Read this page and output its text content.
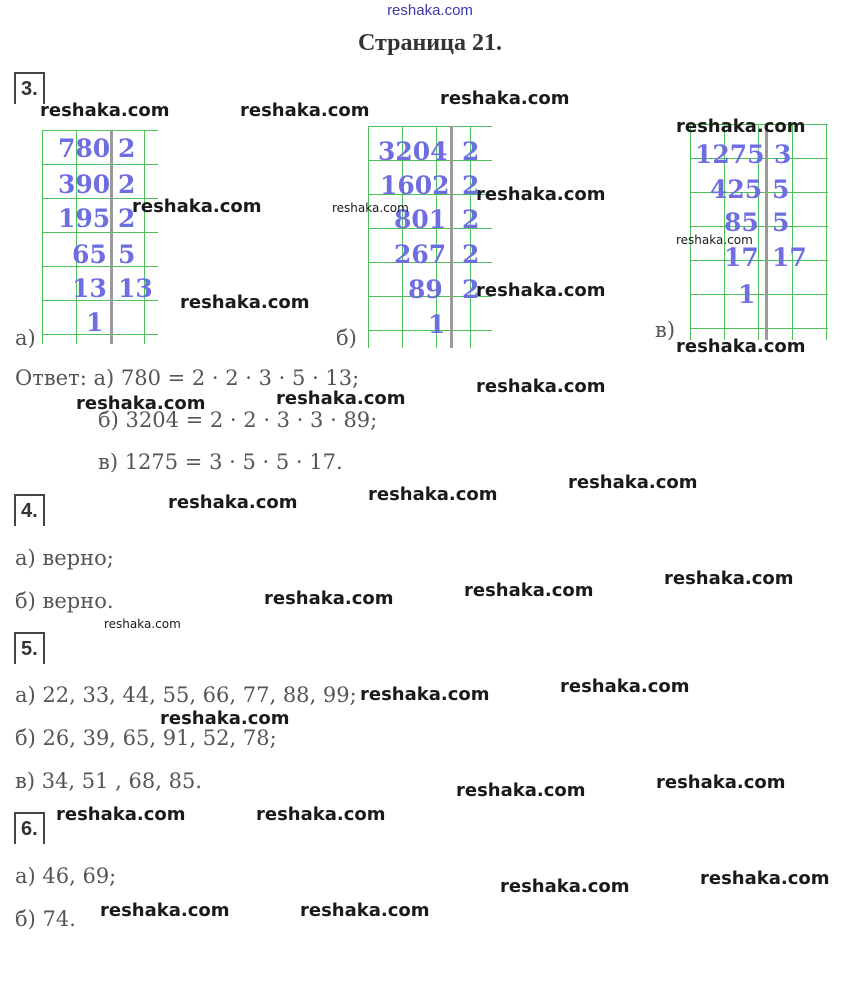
reshaka.com
Страница 21.
3.
780 2
390 2
195 2
65 5
13 13
1
а)
3204 2
1602 2
801 2
267 2
89 2
1
б)
1275 3
425 5
85 5
17 17
1
в)
Ответ: а) 780 = 2 · 2 · 3 · 5 · 13;
б) 3204 = 2 · 2 · 3 · 3 · 89;
в) 1275 = 3 · 5 · 5 · 17.
4.
а) верно;
б) верно.
5.
а) 22, 33, 44, 55, 66, 77, 88, 99;
б) 26, 39, 65, 91, 52, 78;
в) 34, 51 , 68, 85.
6.
а) 46, 69;
б) 74.
reshaka.com	reshaka.com
reshaka.com
reshaka.com
reshaka.com	reshaka.com
reshaka.com
reshaka.com
reshaka.com
reshaka.com
reshaka.com
reshaka.com
reshaka.com
reshaka.com
reshaka.com
reshaka.com
reshaka.com
reshaka.com
reshaka.com
reshaka.com
reshaka.com
reshaka.com
reshaka.com
reshaka.com
reshaka.com
reshaka.com
reshaka.com
reshaka.com
reshaka.com
reshaka.com
reshaka.com
reshaka.com
